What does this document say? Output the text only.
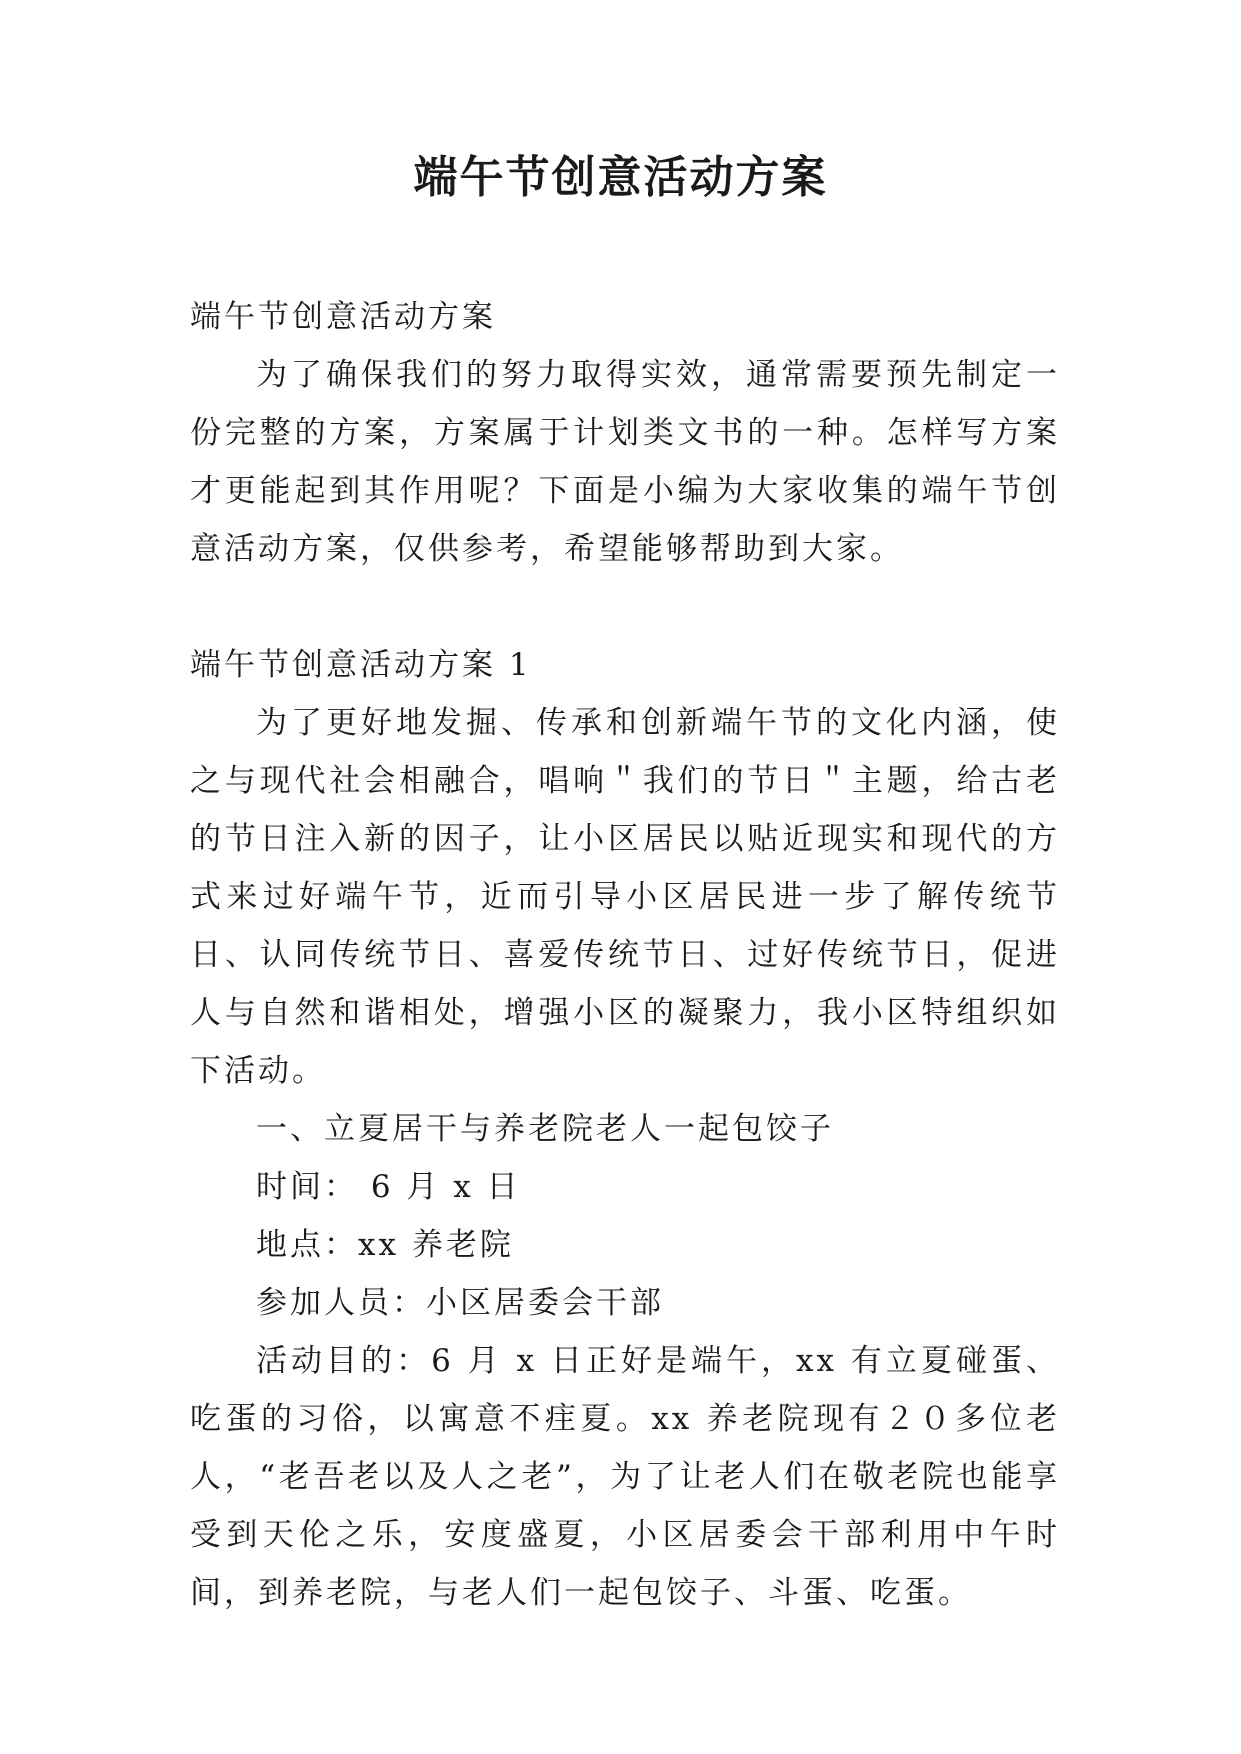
端午节创意活动方案

端午节创意活动方案

为了确保我们的努力取得实效，通常需要预先制定一份完整的方案，方案属于计划类文书的一种。怎样写方案才更能起到其作用呢？下面是小编为大家收集的端午节创意活动方案，仅供参考，希望能够帮助到大家。

端午节创意活动方案 1

为了更好地发掘、传承和创新端午节的文化内涵，使之与现代社会相融合，唱响＂我们的节日＂主题，给古老的节日注入新的因子，让小区居民以贴近现实和现代的方式来过好端午节，近而引导小区居民进一步了解传统节日、认同传统节日、喜爱传统节日、过好传统节日，促进人与自然和谐相处，增强小区的凝聚力，我小区特组织如下活动。

一、立夏居干与养老院老人一起包饺子

时间： 6 月 x 日

地点：xx 养老院

参加人员：小区居委会干部

活动目的：6 月 x 日正好是端午，xx 有立夏碰蛋、吃蛋的习俗，以寓意不疰夏。xx 养老院现有２０多位老人，“老吾老以及人之老”，为了让老人们在敬老院也能享受到天伦之乐，安度盛夏，小区居委会干部利用中午时间，到养老院，与老人们一起包饺子、斗蛋、吃蛋。
